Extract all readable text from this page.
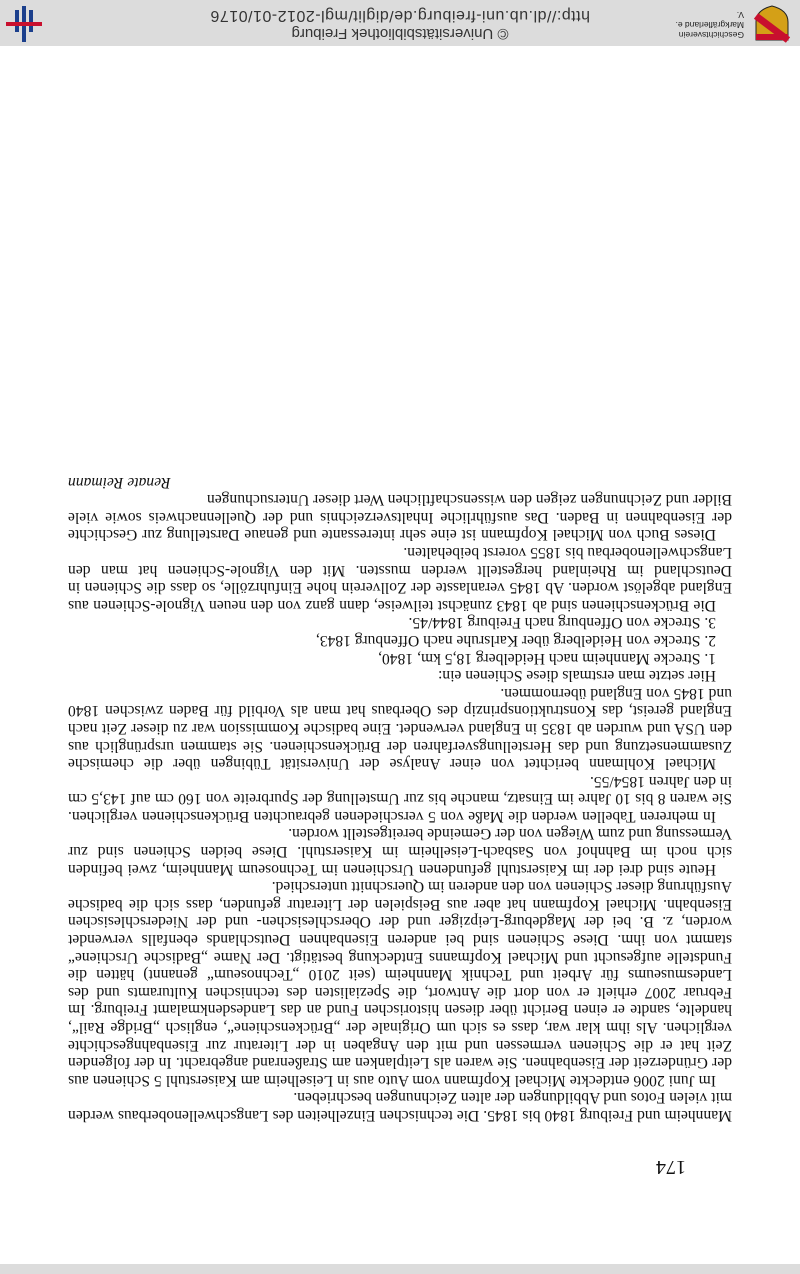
174

Mannheim und Freiburg 1840 bis 1845. Die technischen Einzelheiten des Langschwellenoberbaus werden mit vielen Fotos und Abbildungen der alten Zeichnungen beschrieben.

Im Juni 2006 entdeckte Michael Kopfmann vom Auto aus in Leiselheim am Kaiserstuhl 5 Schienen aus der Gründerzeit der Eisenbahnen. Sie waren als Leitplanken am Straßenrand angebracht. In der folgenden Zeit hat er die Schienen vermessen und mit den Angaben in der Literatur zur Eisenbahngeschichte verglichen. Als ihm klar war, dass es sich um Originale der „Brückenschiene“, englisch „Bridge Rail“, handelte, sandte er einen Bericht über diesen historischen Fund an das Landesdenkmalamt Freiburg. Im Februar 2007 erhielt er von dort die Antwort, die Spezialisten des technischen Kulturamts und des Landesmuseums für Arbeit und Technik Mannheim (seit 2010 „Technoseum“ genannt) hätten die Fundstelle aufgesucht und Michael Kopfmanns Entdeckung bestätigt. Der Name „Badische Urschiene“ stammt von ihm. Diese Schienen sind bei anderen Eisenbahnen Deutschlands ebenfalls verwendet worden, z. B. bei der Magdeburg-Leipziger und der Oberschlesischen- und der Niederschlesischen Eisenbahn. Michael Kopfmann hat aber aus Beispielen der Literatur gefunden, dass sich die badische Ausführung dieser Schienen von den anderen im Querschnitt unterschied.

Heute sind drei der im Kaiserstuhl gefundenen Urschienen im Technoseum Mannheim, zwei befinden sich noch im Bahnhof von Sasbach-Leiselheim im Kaiserstuhl. Diese beiden Schienen sind zur Vermessung und zum Wiegen von der Gemeinde bereitgestellt worden.

In mehreren Tabellen werden die Maße von 5 verschiedenen gebrauchten Brückenschienen verglichen. Sie waren 8 bis 10 Jahre im Einsatz, manche bis zur Umstellung der Spurbreite von 160 cm auf 143,5 cm in den Jahren 1854/55.

Michael Kohlmann berichtet von einer Analyse der Universität Tübingen über die chemische Zusammensetzung und das Herstellungsverfahren der Brückenschienen. Sie stammen ursprünglich aus den USA und wurden ab 1835 in England verwendet. Eine badische Kommission war zu dieser Zeit nach England gereist, das Konstruktionsprinzip des Oberbaus hat man als Vorbild für Baden zwischen 1840 und 1845 von England übernommen.

Hier setzte man erstmals diese Schienen ein:

1. Strecke Mannheim nach Heidelberg 18,5 km, 1840,
2. Strecke von Heidelberg über Karlsruhe nach Offenburg 1843,
3. Strecke von Offenburg nach Freiburg 1844/45.

Die Brückenschienen sind ab 1843 zunächst teilweise, dann ganz von den neuen Vignole-Schienen aus England abgelöst worden. Ab 1845 veranlasste der Zollverein hohe Einfuhrzölle, so dass die Schienen in Deutschland im Rheinland hergestellt werden mussten. Mit den Vignole-Schienen hat man den Langschwellenoberbau bis 1855 vorerst beibehalten.

Dieses Buch von Michael Kopfmann ist eine sehr interessante und genaue Darstellung zur Geschichte der Eisenbahnen in Baden. Das ausführliche Inhaltsverzeichnis und der Quellennachweis sowie viele Bilder und Zeichnungen zeigen den wissenschaftlichen Wert dieser Untersuchungen

Renate Reimann
© Universitätsbibliothek Freiburg
http://dl.ub.uni-freiburg.de/diglit/mgl-2012-01/0176
Geschichtsverein Markgräflerland e. V.
